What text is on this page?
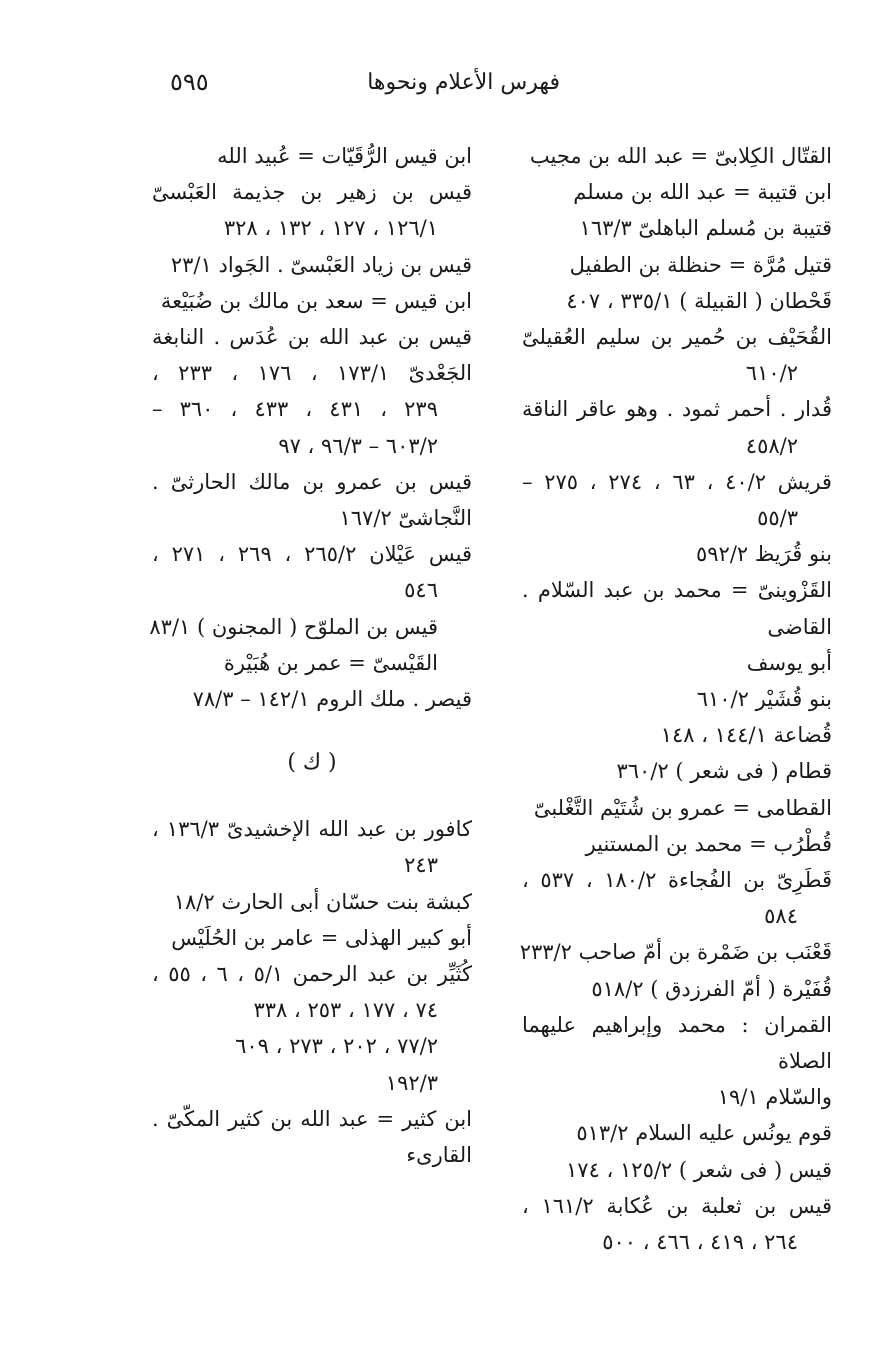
٥٩٥	فهرس الأعلام ونحوها
القتّال الكِلابىّ = عبد الله بن مجيب
ابن قتيبة = عبد الله بن مسلم
قتيبة بن مُسلم الباهلىّ ١٦٣/٣
قتيل مُرَّة = حنظلة بن الطفيل
قَحْطان ( القبيلة ) ٣٣٥/١ ، ٤٠٧
القُحَيْف بن حُمير بن سليم العُقيلىّ
٦١٠/٢
قُدار . أحمر ثمود . وهو عاقر الناقة
٤٥٨/٢
قريش ٤٠/٢ ، ٦٣ ، ٢٧٤ ، ٢٧٥ –
٥٥/٣
بنو قُرَيظ ٥٩٢/٢
القَزْوينىّ = محمد بن عبد السّلام . القاضى
أبو يوسف
بنو قُشَيْر ٦١٠/٢
قُضاعة ١٤٤/١ ، ١٤٨
قطام ( فى شعر ) ٣٦٠/٢
القطامى = عمرو بن شُتَيْم التَّغْلبىّ
قُطْرُب = محمد بن المستنير
قَطَرِىّ بن الفُجاءة ١٨٠/٢ ، ٥٣٧ ،
٥٨٤
قَعْنَب بن ضَمْرة بن أمّ صاحب ٢٣٣/٢
قُفَيْرة ( أمّ الفرزدق ) ٥١٨/٢
القمران : محمد وإبراهيم عليهما الصلاة
والسّلام ١٩/١
قوم يونُس عليه السلام ٥١٣/٢
قيس ( فى شعر ) ١٢٥/٢ ، ١٧٤
قيس بن ثعلبة بن عُكابة ١٦١/٢ ،
٢٦٤ ، ٤١٩ ، ٤٦٦ ، ٥٠٠
ابن قيس الرُّقَيّات = عُبيد الله
قيس بن زهير بن جذيمة العَبْسىّ
١٢٦/١ ، ١٢٧ ، ١٣٢ ، ٣٢٨
قيس بن زياد العَبْسىّ . الجَواد ٢٣/١
ابن قيس = سعد بن مالك بن ضُبَيْعة
قيس بن عبد الله بن عُدَس . النابغة
الجَعْدىّ ١٧٣/١ ، ١٧٦ ، ٢٣٣ ،
٢٣٩ ، ٤٣١ ، ٤٣٣ ، ٣٦٠ –
٦٠٣/٢ – ٩٦/٣ ، ٩٧
قيس بن عمرو بن مالك الحارثىّ .
النَّجاشىّ ١٦٧/٢
قيس عَيْلان ٢٦٥/٢ ، ٢٦٩ ، ٢٧١ ،
٥٤٦
قيس بن الملوّح ( المجنون ) ٨٣/١
القَيْسىّ = عمر بن هُبَيْرة
قيصر . ملك الروم ١٤٢/١ – ٧٨/٣
( ك )
كافور بن عبد الله الإخشيدىّ ١٣٦/٣ ،
٢٤٣
كبشة بنت حسّان أبى الحارث ١٨/٢
أبو كبير الهذلى = عامر بن الحُلَيْس
كُثَيِّر بن عبد الرحمن ٥/١ ، ٦ ، ٥٥ ،
٧٤ ، ١٧٧ ، ٢٥٣ ، ٣٣٨
٧٧/٢ ، ٢٠٢ ، ٢٧٣ ، ٦٠٩
١٩٢/٣
ابن كثير = عبد الله بن كثير المكّىّ .
القارىء
